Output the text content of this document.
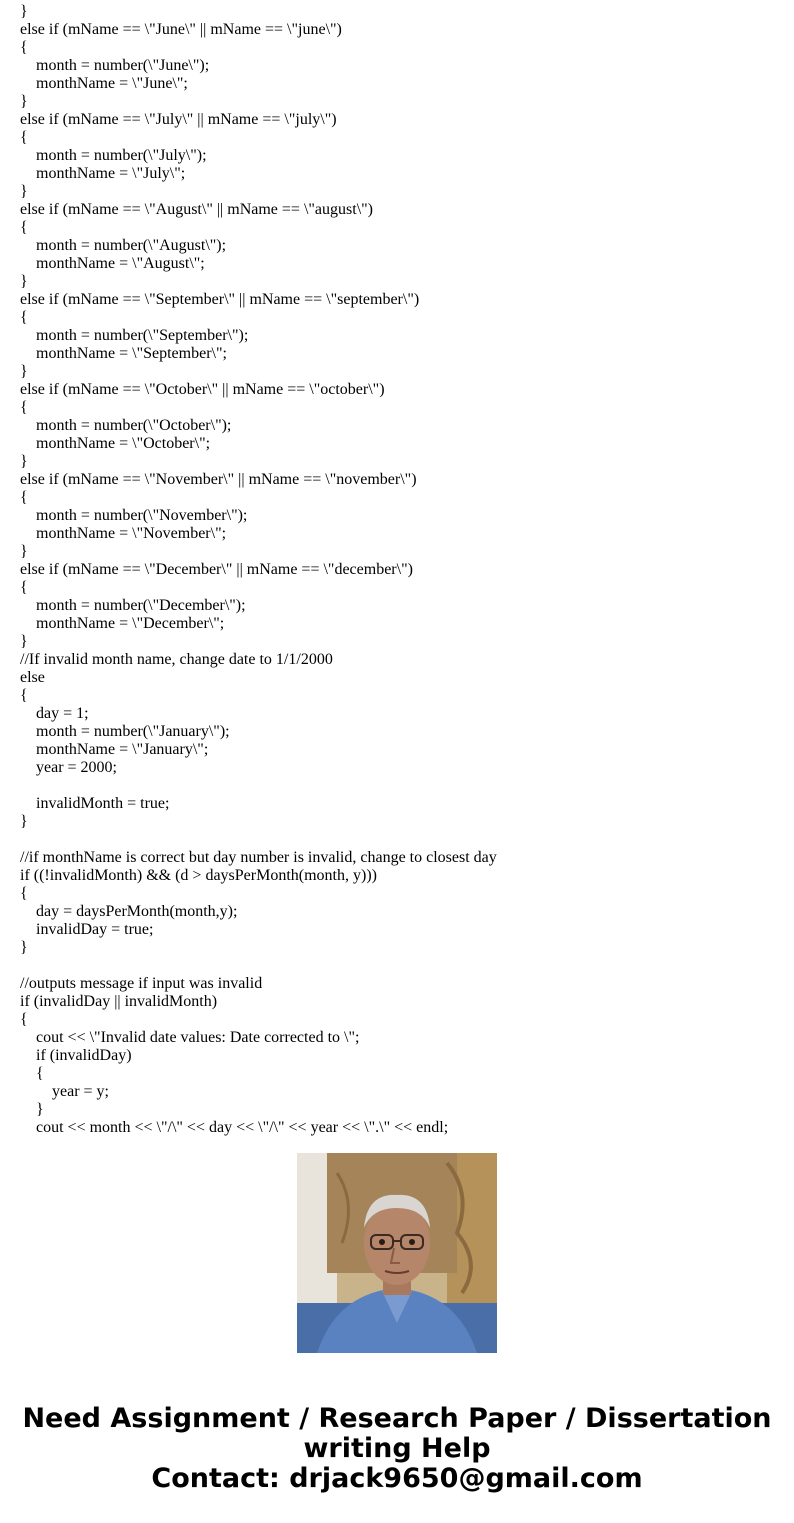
}
else if (mName == \"June\" || mName == \"june\")
{
month = number(\"June\");
monthName = \"June\";
}
else if (mName == \"July\" || mName == \"july\")
{
month = number(\"July\");
monthName = \"July\";
}
else if (mName == \"August\" || mName == \"august\")
{
month = number(\"August\");
monthName = \"August\";
}
else if (mName == \"September\" || mName == \"september\")
{
month = number(\"September\");
monthName = \"September\";
}
else if (mName == \"October\" || mName == \"october\")
{
month = number(\"October\");
monthName = \"October\";
}
else if (mName == \"November\" || mName == \"november\")
{
month = number(\"November\");
monthName = \"November\";
}
else if (mName == \"December\" || mName == \"december\")
{
month = number(\"December\");
monthName = \"December\";
}
//If invalid month name, change date to 1/1/2000
else
{
day = 1;
month = number(\"January\");
monthName = \"January\";
year = 2000;
invalidMonth = true;
}
//if monthName is correct but day number is invalid, change to closest day
if ((!invalidMonth) && (d > daysPerMonth(month, y)))
{
day = daysPerMonth(month,y);
invalidDay = true;
}
//outputs message if input was invalid
if (invalidDay || invalidMonth)
{
cout << \"Invalid date values: Date corrected to \";
if (invalidDay)
{
year = y;
}
cout << month << \"/\" << day << \"/\" << year << \".\" << endl;
Need Assignment / Research Paper / Dissertation
writing Help
Contact: drjack9650@gmail.com
